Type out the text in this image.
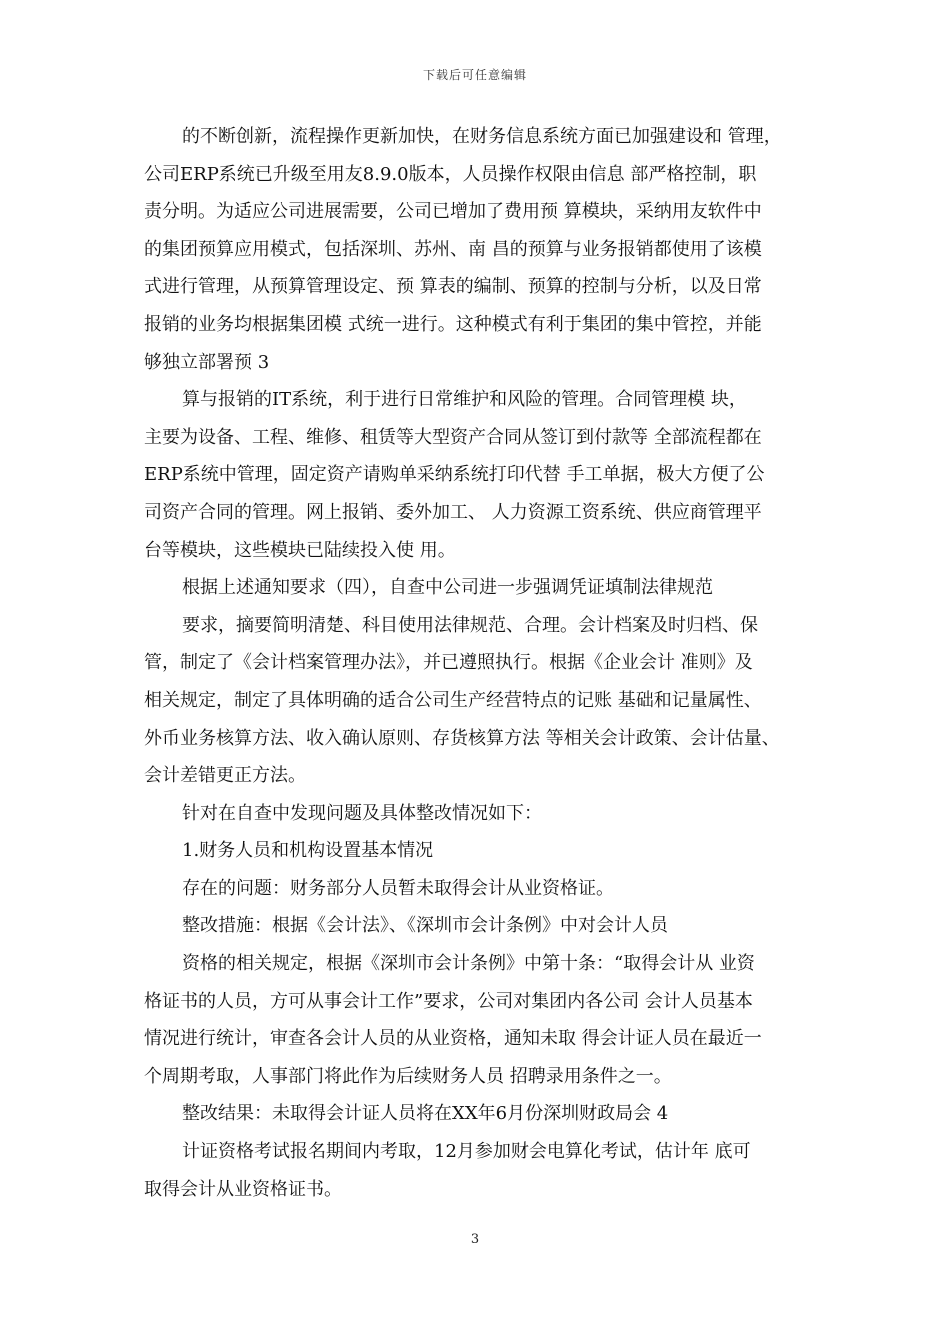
下载后可任意编辑
的不断创新，流程操作更新加快，在财务信息系统方面已加强建设和 管理，
公司ERP系统已升级至用友8.9.0版本，人员操作权限由信息 部严格控制，职
责分明。为适应公司进展需要，公司已增加了费用预 算模块，采纳用友软件中
的集团预算应用模式，包括深圳、苏州、南 昌的预算与业务报销都使用了该模
式进行管理，从预算管理设定、预 算表的编制、预算的控制与分析，以及日常
报销的业务均根据集团模 式统一进行。这种模式有利于集团的集中管控，并能
够独立部署预 3
算与报销的IT系统，利于进行日常维护和风险的管理。合同管理模 块，
主要为设备、工程、维修、租赁等大型资产合同从签订到付款等 全部流程都在
ERP系统中管理，固定资产请购单采纳系统打印代替 手工单据，极大方便了公
司资产合同的管理。网上报销、委外加工、 人力资源工资系统、供应商管理平
台等模块，这些模块已陆续投入使 用。
根据上述通知要求（四），自查中公司进一步强调凭证填制法律规范
要求，摘要简明清楚、科目使用法律规范、合理。会计档案及时归档、保
管，制定了《会计档案管理办法》，并已遵照执行。根据《企业会计 准则》及
相关规定，制定了具体明确的适合公司生产经营特点的记账 基础和记量属性、
外币业务核算方法、收入确认原则、存货核算方法 等相关会计政策、会计估量、
会计差错更正方法。
针对在自查中发现问题及具体整改情况如下：
1.财务人员和机构设置基本情况
存在的问题：财务部分人员暂未取得会计从业资格证。
整改措施：根据《会计法》、《深圳市会计条例》中对会计人员
资格的相关规定，根据《深圳市会计条例》中第十条：“取得会计从 业资
格证书的人员，方可从事会计工作”要求，公司对集团内各公司 会计人员基本
情况进行统计，审查各会计人员的从业资格，通知未取 得会计证人员在最近一
个周期考取，人事部门将此作为后续财务人员 招聘录用条件之一。
整改结果：未取得会计证人员将在XX年6月份深圳财政局会 4
计证资格考试报名期间内考取，12月参加财会电算化考试，估计年 底可
取得会计从业资格证书。
3
